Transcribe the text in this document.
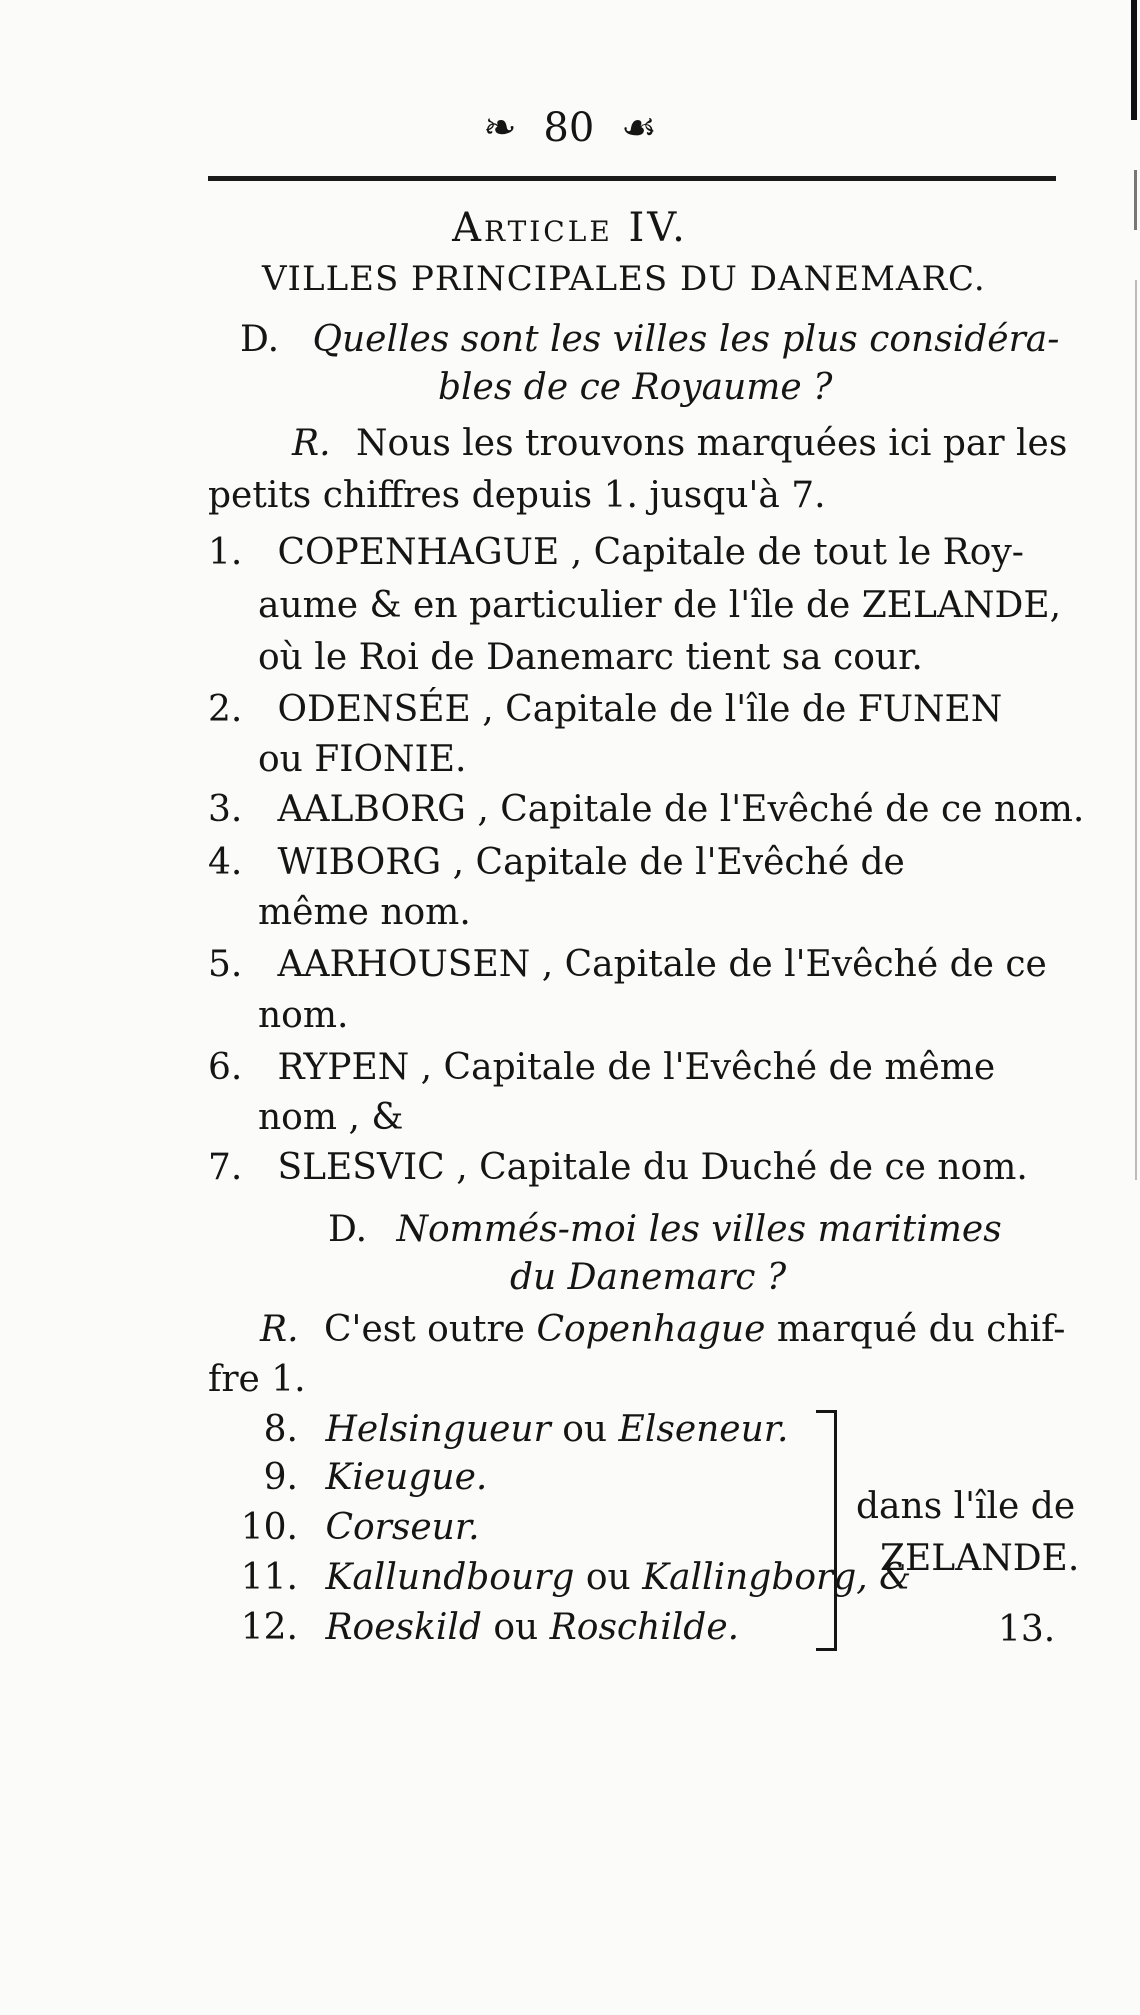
❧ 80 ☙
Article IV.
VILLES PRINCIPALES DU DANEMARC.
D. Quelles sont les villes les plus considéra-
bles de ce Royaume ?
R. Nous les trouvons marquées ici par les
petits chiffres depuis 1. jusqu'à 7.
1. COPENHAGUE , Capitale de tout le Roy-
aume & en particulier de l'île de ZELANDE,
où le Roi de Danemarc tient sa cour.
2. ODENSÉE , Capitale de l'île de FUNEN
ou FIONIE.
3. AALBORG , Capitale de l'Evêché de ce nom.
4. WIBORG , Capitale de l'Evêché de
même nom.
5. AARHOUSEN , Capitale de l'Evêché de ce
nom.
6. RYPEN , Capitale de l'Evêché de même
nom , &
7. SLESVIC , Capitale du Duché de ce nom.
D. Nommés-moi les villes maritimes
du Danemarc ?
R. C'est outre Copenhague marqué du chif-
fre 1.
8. Helsingueur ou Elseneur.
9. Kieugue.
10. Corseur.
11. Kallundbourg ou Kallingborg, &
12. Roeskild ou Roschilde.
dans l'île de
ZELANDE.
13.
